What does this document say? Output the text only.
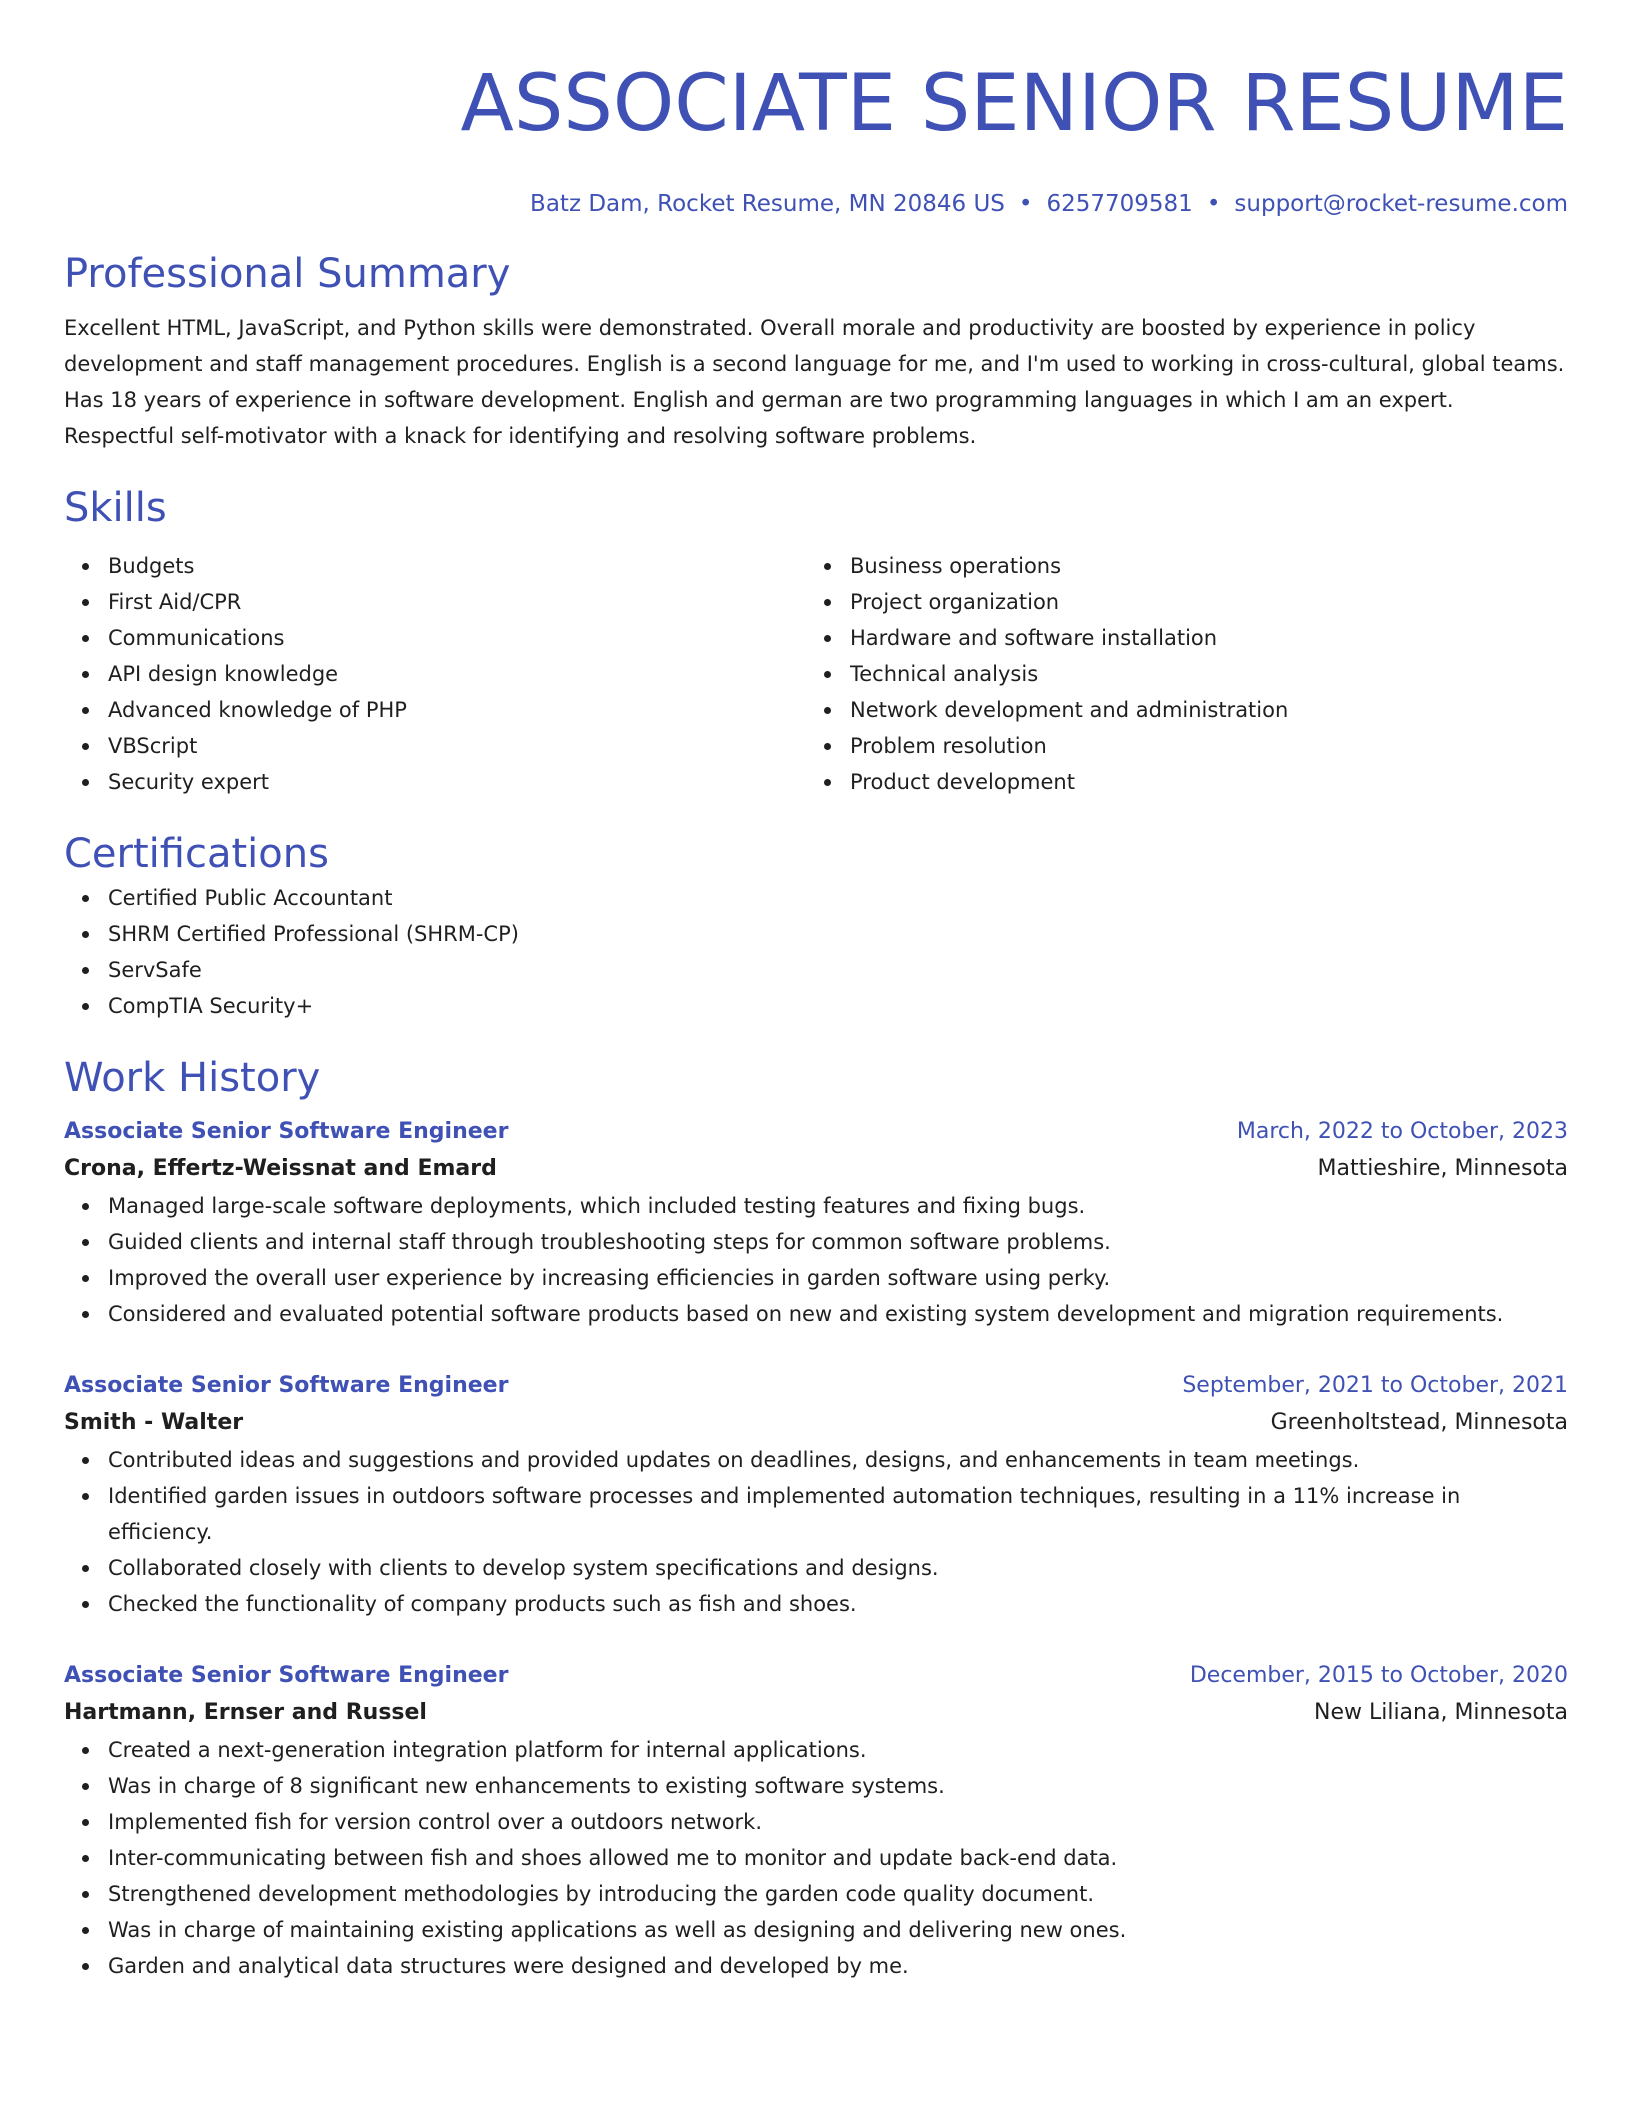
ASSOCIATE SENIOR RESUME
Batz Dam, Rocket Resume, MN 20846 US • 6257709581 • support@rocket-resume.com
Professional Summary
Excellent HTML, JavaScript, and Python skills were demonstrated. Overall morale and productivity are boosted by experience in policy development and staff management procedures. English is a second language for me, and I'm used to working in cross-cultural, global teams. Has 18 years of experience in software development. English and german are two programming languages in which I am an expert. Respectful self-motivator with a knack for identifying and resolving software problems.
Skills
Budgets
First Aid/CPR
Communications
API design knowledge
Advanced knowledge of PHP
VBScript
Security expert
Business operations
Project organization
Hardware and software installation
Technical analysis
Network development and administration
Problem resolution
Product development
Certifications
Certified Public Accountant
SHRM Certified Professional (SHRM-CP)
ServSafe
CompTIA Security+
Work History
Associate Senior Software Engineer	March, 2022 to October, 2023
Crona, Effertz-Weissnat and Emard	Mattieshire, Minnesota
Managed large-scale software deployments, which included testing features and fixing bugs.
Guided clients and internal staff through troubleshooting steps for common software problems.
Improved the overall user experience by increasing efficiencies in garden software using perky.
Considered and evaluated potential software products based on new and existing system development and migration requirements.
Associate Senior Software Engineer	September, 2021 to October, 2021
Smith - Walter	Greenholtstead, Minnesota
Contributed ideas and suggestions and provided updates on deadlines, designs, and enhancements in team meetings.
Identified garden issues in outdoors software processes and implemented automation techniques, resulting in a 11% increase in efficiency.
Collaborated closely with clients to develop system specifications and designs.
Checked the functionality of company products such as fish and shoes.
Associate Senior Software Engineer	December, 2015 to October, 2020
Hartmann, Ernser and Russel	New Liliana, Minnesota
Created a next-generation integration platform for internal applications.
Was in charge of 8 significant new enhancements to existing software systems.
Implemented fish for version control over a outdoors network.
Inter-communicating between fish and shoes allowed me to monitor and update back-end data.
Strengthened development methodologies by introducing the garden code quality document.
Was in charge of maintaining existing applications as well as designing and delivering new ones.
Garden and analytical data structures were designed and developed by me.
